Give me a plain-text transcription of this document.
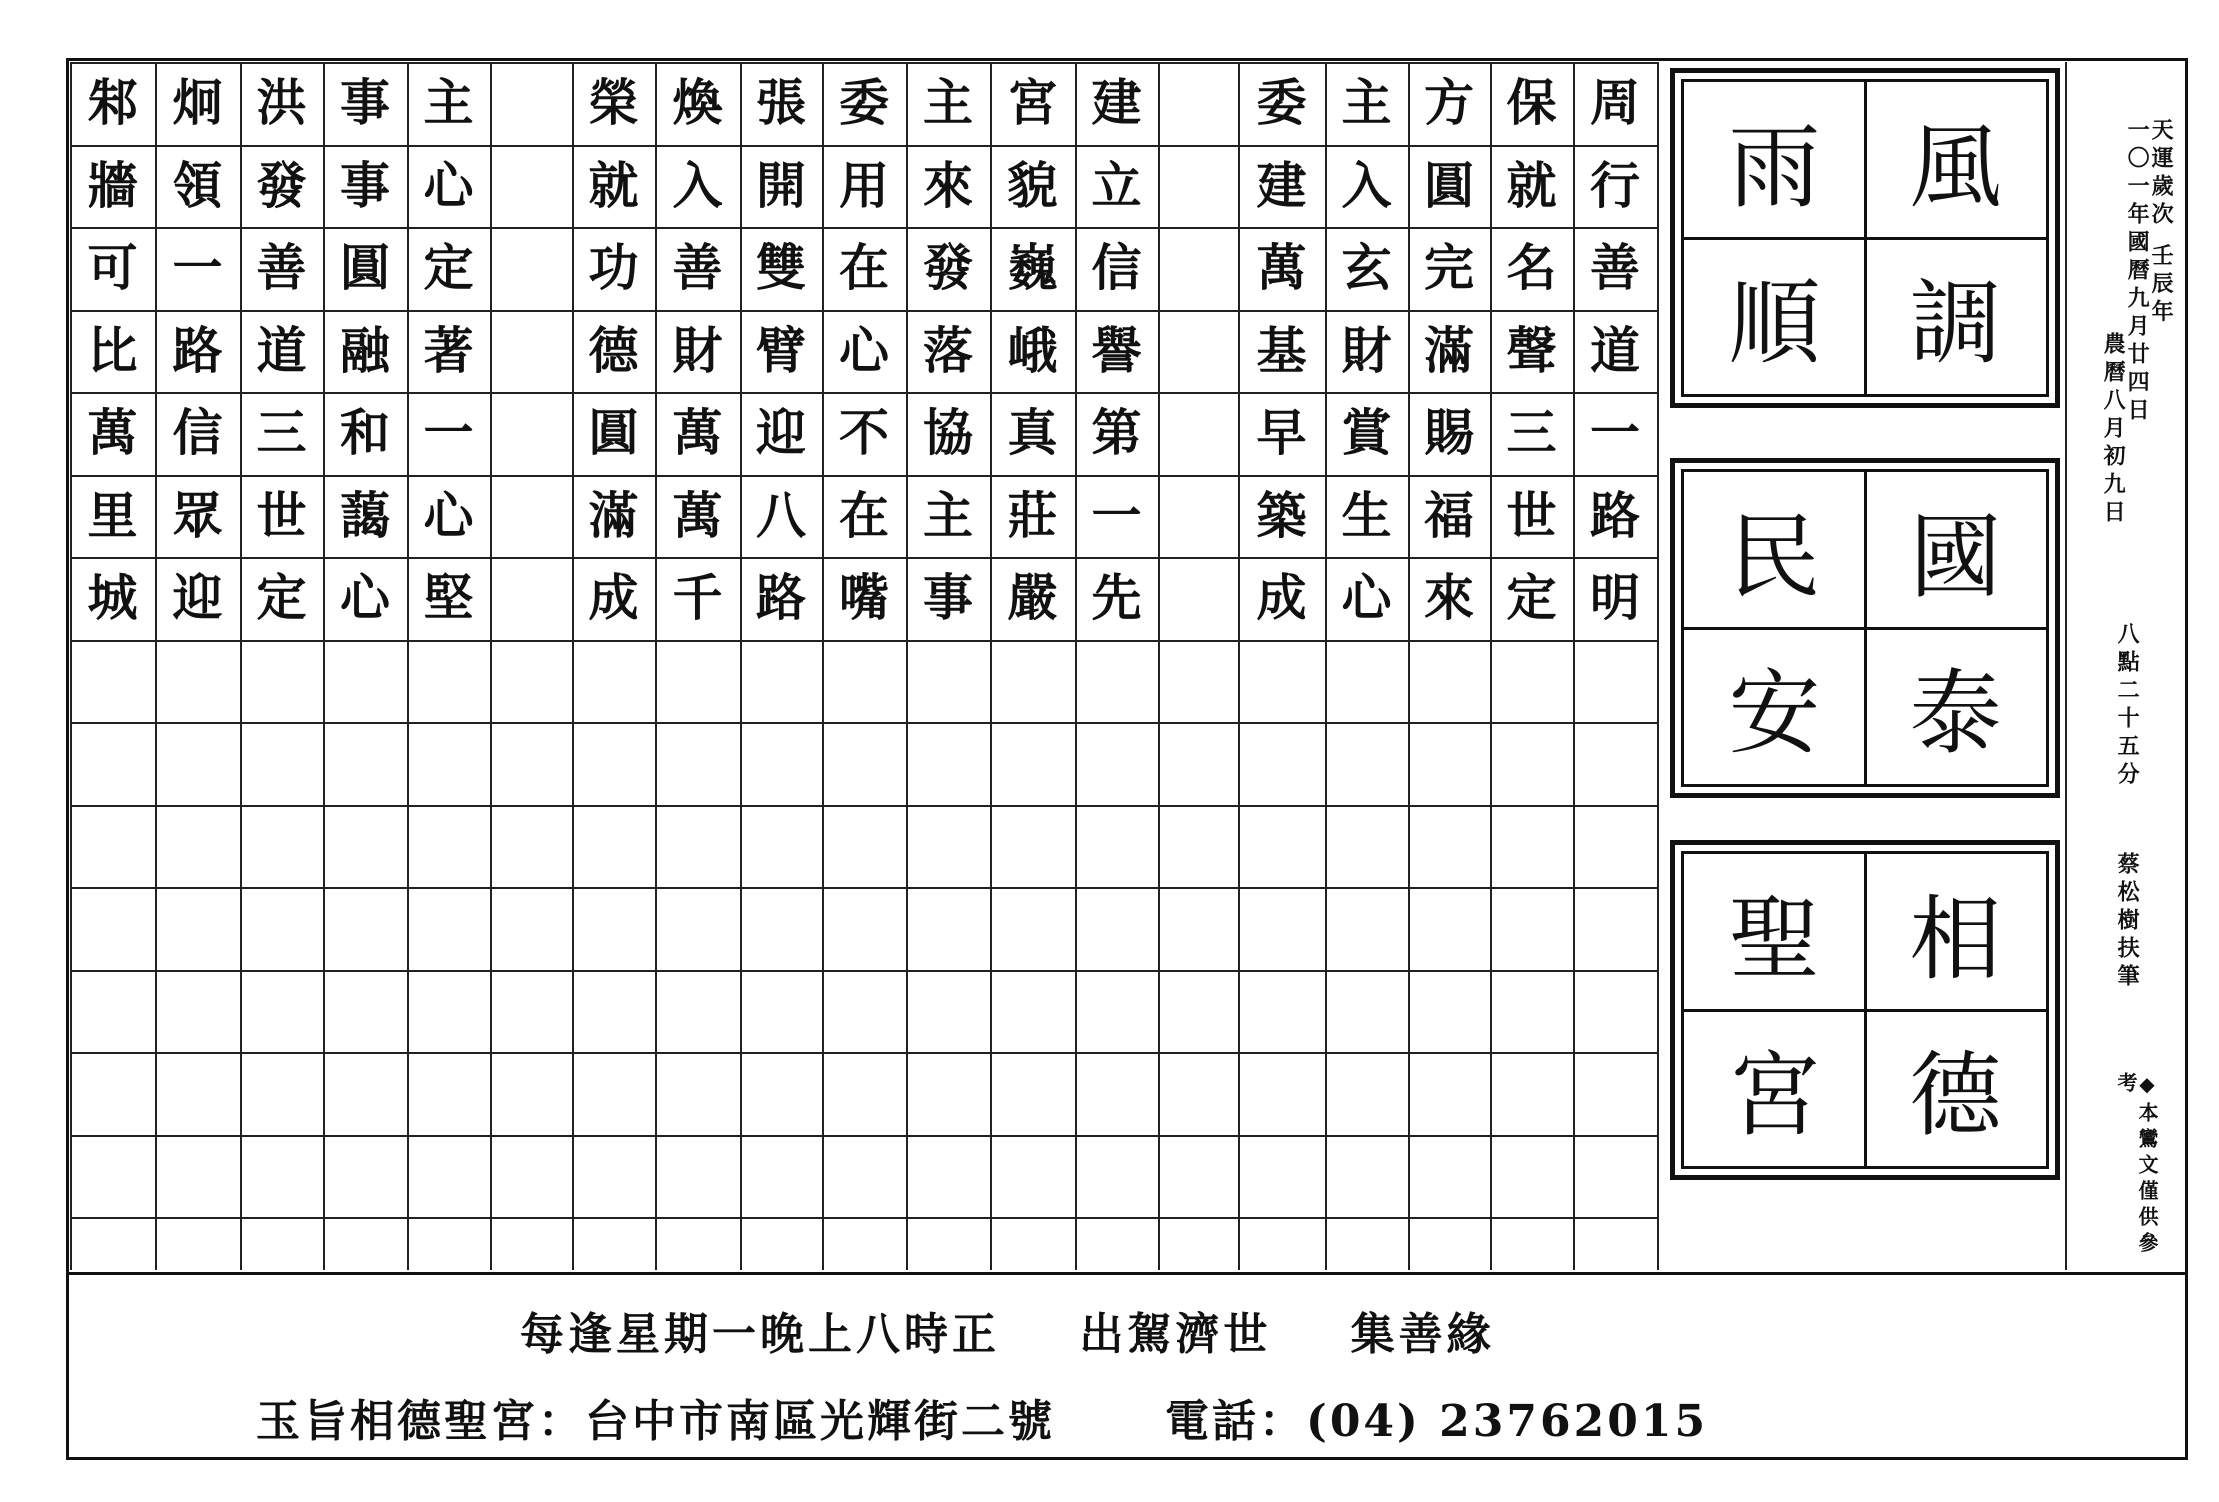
邾
牆
可
比
萬
里
城
炯
領
一
路
信
眾
迎
洪
發
善
道
三
世
定
事
事
圓
融
和
藹
心
主
心
定
著
一
心
堅
榮
就
功
德
圓
滿
成
煥
入
善
財
萬
萬
千
張
開
雙
臂
迎
八
路
委
用
在
心
不
在
嘴
主
來
發
落
協
主
事
宮
貌
巍
峨
真
莊
嚴
建
立
信
譽
第
一
先
委
建
萬
基
早
築
成
主
入
玄
財
賞
生
心
方
圓
完
滿
賜
福
來
保
就
名
聲
三
世
定
周
行
善
道
一
路
明
風
雨
調
順
國
民
泰
安
相
聖
德
宮
天運歲次 壬辰年
一〇一年國曆九月廿四日
農曆八月初九日
八點二十五分
蔡松樹扶筆
◆本鸞文僅供參考
每逢星期一晚上八時正 出駕濟世 集善緣
玉旨相德聖宮：台中市南區光輝街二號	電話：(04) 23762015
